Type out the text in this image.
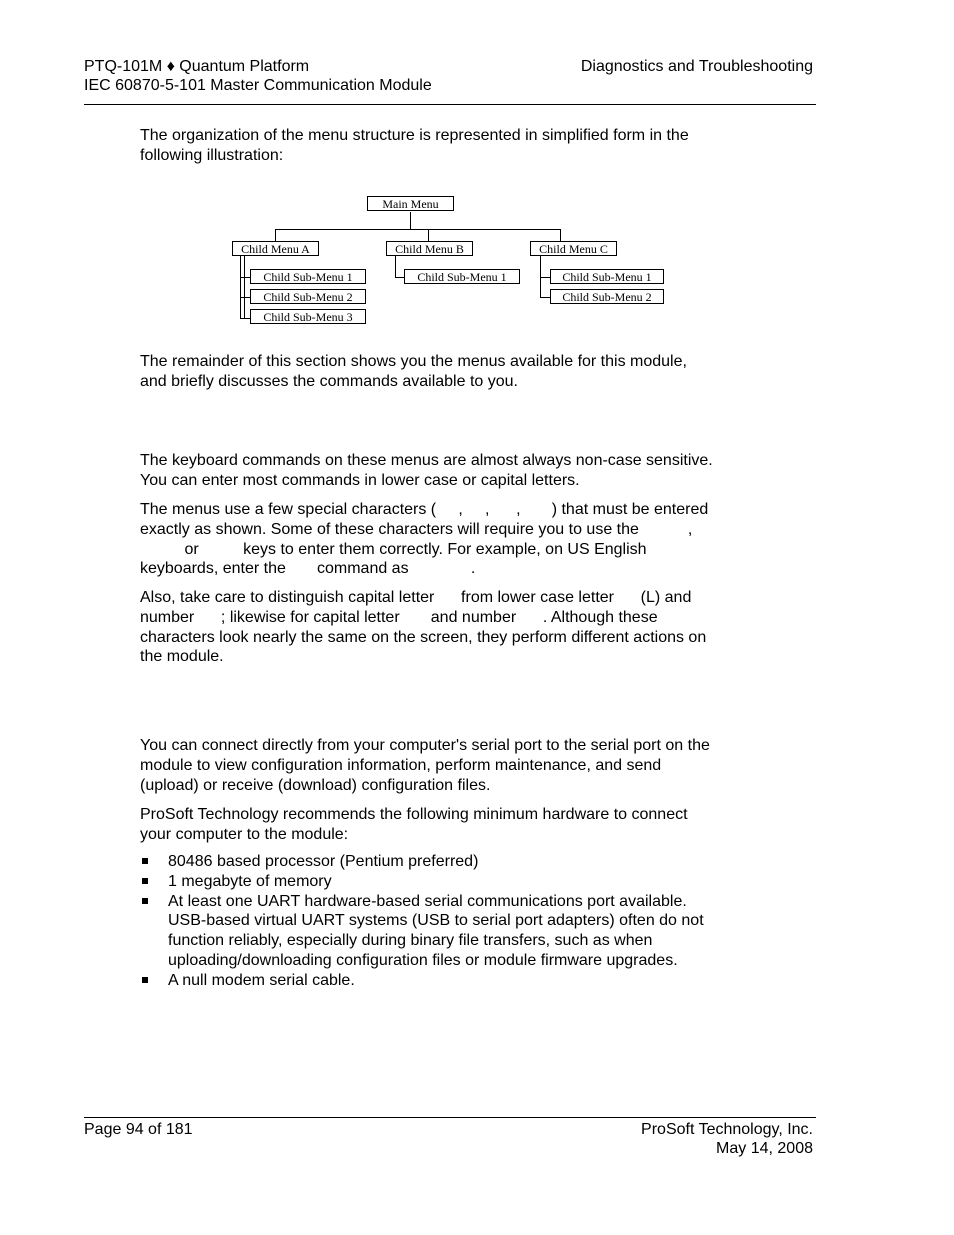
PTQ-101M ♦ Quantum Platform
IEC 60870-5-101 Master Communication Module
Diagnostics and Troubleshooting

The organization of the menu structure is represented in simplified form in the
following illustration:

Main Menu
Child Menu A	Child Menu B	Child Menu C
Child Sub-Menu 1
Child Sub-Menu 2
Child Sub-Menu 3
Child Sub-Menu 1	Child Sub-Menu 1
Child Sub-Menu 2

The remainder of this section shows you the menus available for this module,
and briefly discusses the commands available to you.

The keyboard commands on these menus are almost always non-case sensitive.
You can enter most commands in lower case or capital letters.

The menus use a few special characters (     ,     ,      ,       ) that must be entered
exactly as shown. Some of these characters will require you to use the           ,
or          keys to enter them correctly. For example, on US English
keyboards, enter the       command as              .

Also, take care to distinguish capital letter      from lower case letter      (L) and
number      ; likewise for capital letter       and number      . Although these
characters look nearly the same on the screen, they perform different actions on
the module.

You can connect directly from your computer's serial port to the serial port on the
module to view configuration information, perform maintenance, and send
(upload) or receive (download) configuration files.

ProSoft Technology recommends the following minimum hardware to connect
your computer to the module:

80486 based processor (Pentium preferred)
1 megabyte of memory
At least one UART hardware-based serial communications port available.
USB-based virtual UART systems (USB to serial port adapters) often do not
function reliably, especially during binary file transfers, such as when
uploading/downloading configuration files or module firmware upgrades.
A null modem serial cable.
Page 94 of 181	ProSoft Technology, Inc.
May 14, 2008
